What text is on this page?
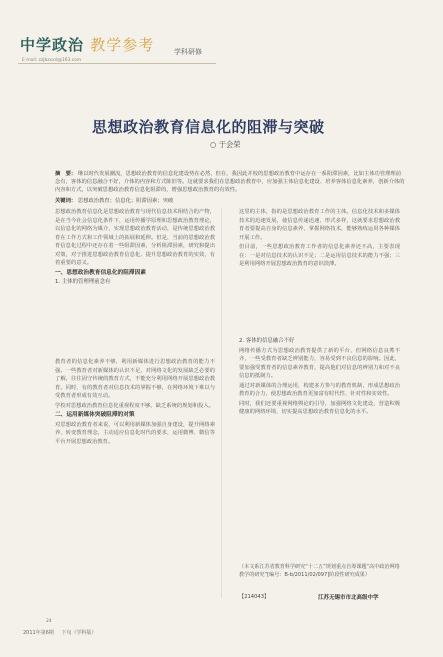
中学政治 教学参考
E-mail: zzjbzxxd@163.com
学科研修
思想政治教育信息化的阻滞与突破
○ 于会荣
摘　要： 继以时代发展潮流，思想政治教育的信息化建设势在必然，但在，我因此并校的思想政治教育中运存在一系阻滞因素，比如主体功管理理前念有，客体的信息融合不好，介体的内容和方式陈旧等。这就要求我们在思想政治教育中，应加强主体信息化建设、培养客体信息化素养，创新介体的内容和方式，以突破思想政治教育信息化阻滞的，增强思想政治教育的有效性。
关键词： 思想政治教育；信息化；阻滞因素；突破

思想政治教育信息化是思想政治教育与现代信息技术相结合的产物，是在当今社会信息化条件下，运用传播学原理和思想政治教育理论，以信息化的网络为媒介，实现思想政治教育活动，是传统思想政治教育在工作方式和工作领域上的拓展和延伸。但是，当前的思想政治教育信息化过程中还存在着一些阻滞因素，分析阻滞因素，研究和提出对策，对于推进思想政治教育信息化、提升思想政治教育的实效，有着重要的意义。

一、思想政治教育信息化的阻滞因素
1. 主体的管理理前念有

教育者的信息化素养不够，利用新媒体进行思想政治教育的能力不强。一些教育者对新媒体的认识不足，对网络文化的发展缺乏必要的了解，往往固守传统的教育方式，不能充分利用网络开展思想政治教育。同时，有的教育者对信息技术的掌握不够，在网络环境下难以与受教育者形成有效互动。

学校对思想政治教育信息化重视程度不够，缺乏系统的规划和投入。

二、运用新媒体突破阻滞的对策

对思想政治教育者来说，可以利用新媒体加强自身建设，提升网络素养，转变教育理念，主动适应信息化时代的要求，运用微博、微信等平台开展思想政治教育。

这里的主体，指的是思想政治教育工作的主体。信息化技术和多媒体技术的迅速发展，使信息传递迅速、形式多样，这就要求思想政治教育者要提高自身的信息素养，掌握网络技术，能够熟练运用各种媒体开展工作。

但目前，一些思想政治教育工作者的信息化素养还不高，主要表现在：一是对信息技术的认识不足；二是运用信息技术的能力不强；三是利用网络开展思想政治教育的意识淡薄。

2. 客体的信息融合不好

网络传播方式为思想政治教育提供了新的平台，但网络信息良莠不齐，一些受教育者缺乏辨别能力，容易受到不良信息的影响。因此，要加强受教育者的信息素养教育，提高他们对信息的辨别力和对不良信息的抵制力。

通过对新媒体的合理运用，构建多方参与的教育机制，形成思想政治教育的合力，使思想政治教育更加富有时代性、针对性和实效性。

同时，我们还要重视网络舆论的引导，加强网络文化建设，营造积极健康的网络环境，切实提高思想政治教育信息化的水平。

（本文系江苏省教育科学研究“十二五”规划重点自筹课题“高中政治网络教学的研究”[编号：B-b/2011/02/097]阶段性研究成果）
【214043】	江苏无锡市市北高级中学
24
2011年第6期 下旬（学科版）
